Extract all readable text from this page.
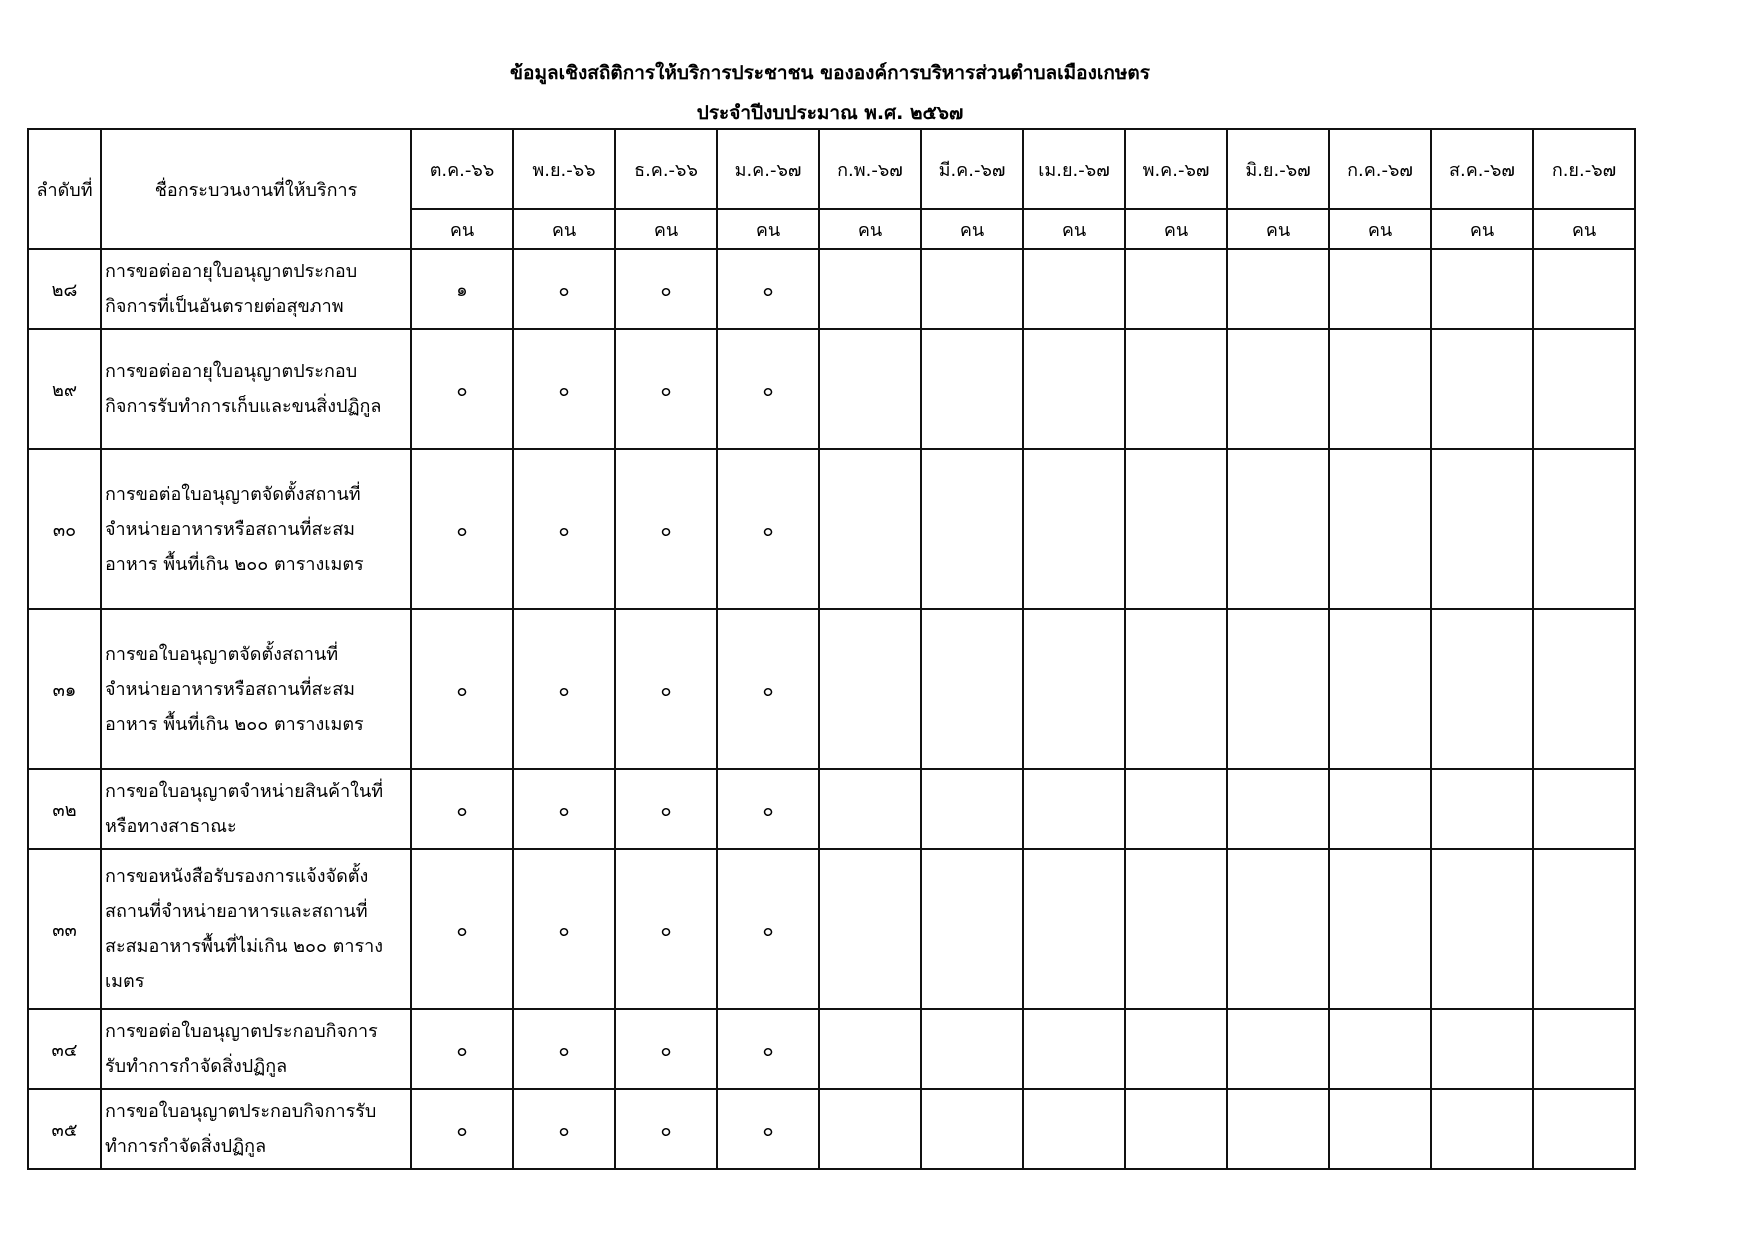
ข้อมูลเชิงสถิติการให้บริการประชาชน ขององค์การบริหารส่วนตำบลเมืองเกษตร
ประจำปีงบประมาณ พ.ศ. ๒๕๖๗
ลำดับที่	ชื่อกระบวนงานที่ให้บริการ	ต.ค.-๖๖	พ.ย.-๖๖	ธ.ค.-๖๖	ม.ค.-๖๗	ก.พ.-๖๗	มี.ค.-๖๗	เม.ย.-๖๗	พ.ค.-๖๗	มิ.ย.-๖๗	ก.ค.-๖๗	ส.ค.-๖๗	ก.ย.-๖๗
		คน	คน	คน	คน	คน	คน	คน	คน	คน	คน	คน	คน
๒๘	การขอต่ออายุใบอนุญาตประกอบ
กิจการที่เป็นอันตรายต่อสุขภาพ	๑	๐	๐	๐								
๒๙	การขอต่ออายุใบอนุญาตประกอบ
กิจการรับทำการเก็บและขนสิ่งปฏิกูล	๐	๐	๐	๐								
๓๐	การขอต่อใบอนุญาตจัดตั้งสถานที่
จำหน่ายอาหารหรือสถานที่สะสม
อาหาร พื้นที่เกิน ๒๐๐ ตารางเมตร	๐	๐	๐	๐								
๓๑	การขอใบอนุญาตจัดตั้งสถานที่
จำหน่ายอาหารหรือสถานที่สะสม
อาหาร พื้นที่เกิน ๒๐๐ ตารางเมตร	๐	๐	๐	๐								
๓๒	การขอใบอนุญาตจำหน่ายสินค้าในที่
หรือทางสาธาณะ	๐	๐	๐	๐								
๓๓	การขอหนังสือรับรองการแจ้งจัดตั้ง
สถานที่จำหน่ายอาหารและสถานที่
สะสมอาหารพื้นที่ไม่เกิน ๒๐๐ ตาราง
เมตร	๐	๐	๐	๐								
๓๔	การขอต่อใบอนุญาตประกอบกิจการ
รับทำการกำจัดสิ่งปฏิกูล	๐	๐	๐	๐								
๓๕	การขอใบอนุญาตประกอบกิจการรับ
ทำการกำจัดสิ่งปฏิกูล	๐	๐	๐	๐								
